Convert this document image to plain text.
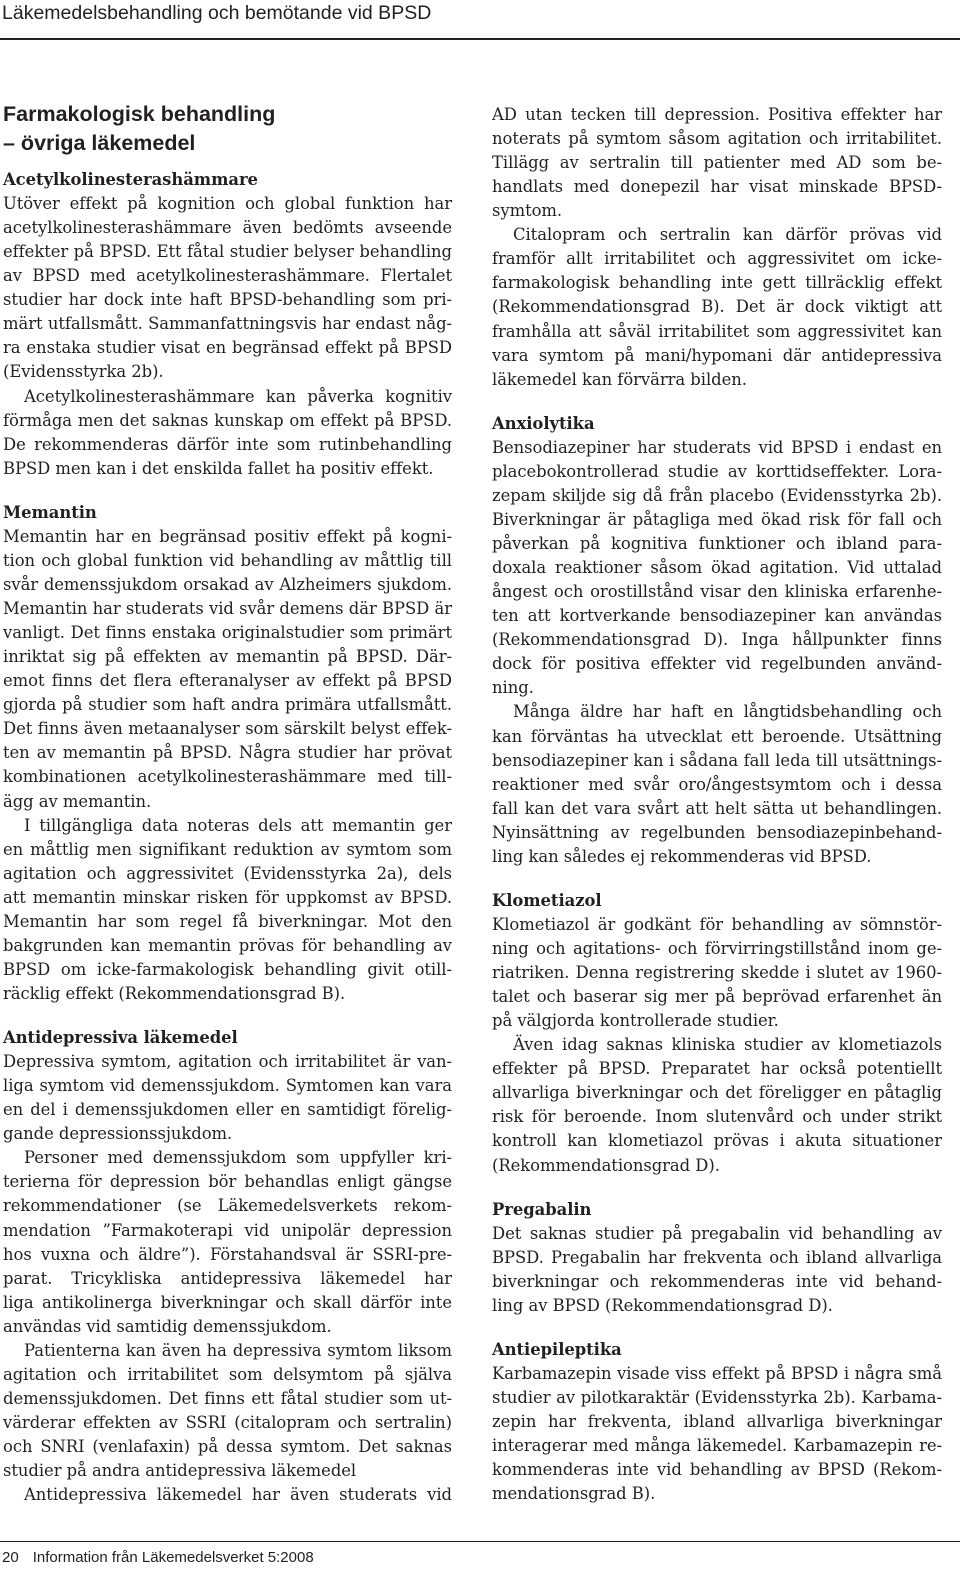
Läkemedelsbehandling och bemötande vid BPSD
Farmakologisk behandling
– övriga läkemedel
Acetylkolinesterashämmare
Utöver effekt på kognition och global funktion har
acetylkolinesterashämmare även bedömts avseende
effekter på BPSD. Ett fåtal studier belyser behandling
av BPSD med acetylkolinesterashämmare. Flertalet
studier har dock inte haft BPSD-behandling som pri-
märt utfallsmått. Sammanfattningsvis har endast någ-
ra enstaka studier visat en begränsad effekt på BPSD
(Evidensstyrka 2b).
Acetylkolinesterashämmare kan påverka kognitiv
förmåga men det saknas kunskap om effekt på BPSD.
De rekommenderas därför inte som rutinbehandling
BPSD men kan i det enskilda fallet ha positiv effekt.
Memantin
Memantin har en begränsad positiv effekt på kogni-
tion och global funktion vid behandling av måttlig till
svår demenssjukdom orsakad av Alzheimers sjukdom.
Memantin har studerats vid svår demens där BPSD är
vanligt. Det finns enstaka originalstudier som primärt
inriktat sig på effekten av memantin på BPSD. Där-
emot finns det flera efteranalyser av effekt på BPSD
gjorda på studier som haft andra primära utfallsmått.
Det finns även metaanalyser som särskilt belyst effek-
ten av memantin på BPSD. Några studier har prövat
kombinationen acetylkolinesterashämmare med till-
ägg av memantin.
I tillgängliga data noteras dels att memantin ger
en måttlig men signifikant reduktion av symtom som
agitation och aggressivitet (Evidensstyrka 2a), dels
att memantin minskar risken för uppkomst av BPSD.
Memantin har som regel få biverkningar. Mot den
bakgrunden kan memantin prövas för behandling av
BPSD om icke-farmakologisk behandling givit otill-
räcklig effekt (Rekommendationsgrad B).
Antidepressiva läkemedel
Depressiva symtom, agitation och irritabilitet är van-
liga symtom vid demenssjukdom. Symtomen kan vara
en del i demenssjukdomen eller en samtidigt förelig-
gande depressionssjukdom.
Personer med demenssjukdom som uppfyller kri-
terierna för depression bör behandlas enligt gängse
rekommendationer (se Läkemedelsverkets rekom-
mendation ”Farmakoterapi vid unipolär depression
hos vuxna och äldre”). Förstahandsval är SSRI-pre-
parat. Tricykliska antidepressiva läkemedel har
liga antikolinerga biverkningar och skall därför inte
användas vid samtidig demenssjukdom.
Patienterna kan även ha depressiva symtom liksom
agitation och irritabilitet som delsymtom på själva
demenssjukdomen. Det finns ett fåtal studier som ut-
värderar effekten av SSRI (citalopram och sertralin)
och SNRI (venlafaxin) på dessa symtom. Det saknas
studier på andra antidepressiva läkemedel
Antidepressiva läkemedel har även studerats vid
AD utan tecken till depression. Positiva effekter har
noterats på symtom såsom agitation och irritabilitet.
Tillägg av sertralin till patienter med AD som be-
handlats med donepezil har visat minskade BPSD-
symtom.
Citalopram och sertralin kan därför prövas vid
framför allt irritabilitet och aggressivitet om icke-
farmakologisk behandling inte gett tillräcklig effekt
(Rekommendationsgrad B). Det är dock viktigt att
framhålla att såväl irritabilitet som aggressivitet kan
vara symtom på mani/hypomani där antidepressiva
läkemedel kan förvärra bilden.
Anxiolytika
Bensodiazepiner har studerats vid BPSD i endast en
placebokontrollerad studie av korttidseffekter. Lora-
zepam skiljde sig då från placebo (Evidensstyrka 2b).
Biverkningar är påtagliga med ökad risk för fall och
påverkan på kognitiva funktioner och ibland para-
doxala reaktioner såsom ökad agitation. Vid uttalad
ångest och orostillstånd visar den kliniska erfarenhe-
ten att kortverkande bensodiazepiner kan användas
(Rekommendationsgrad D). Inga hållpunkter finns
dock för positiva effekter vid regelbunden använd-
ning.
Många äldre har haft en långtidsbehandling och
kan förväntas ha utvecklat ett beroende. Utsättning
bensodiazepiner kan i sådana fall leda till utsättnings-
reaktioner med svår oro/ångestsymtom och i dessa
fall kan det vara svårt att helt sätta ut behandlingen.
Nyinsättning av regelbunden bensodiazepinbehand-
ling kan således ej rekommenderas vid BPSD.
Klometiazol
Klometiazol är godkänt för behandling av sömnstör-
ning och agitations- och förvirringstillstånd inom ge-
riatriken. Denna registrering skedde i slutet av 1960-
talet och baserar sig mer på beprövad erfarenhet än
på välgjorda kontrollerade studier.
Även idag saknas kliniska studier av klometiazols
effekter på BPSD. Preparatet har också potentiellt
allvarliga biverkningar och det föreligger en påtaglig
risk för beroende. Inom slutenvård och under strikt
kontroll kan klometiazol prövas i akuta situationer
(Rekommendationsgrad D).
Pregabalin
Det saknas studier på pregabalin vid behandling av
BPSD. Pregabalin har frekventa och ibland allvarliga
biverkningar och rekommenderas inte vid behand-
ling av BPSD (Rekommendationsgrad D).
Antiepileptika
Karbamazepin visade viss effekt på BPSD i några små
studier av pilotkaraktär (Evidensstyrka 2b). Karbama-
zepin har frekventa, ibland allvarliga biverkningar
interagerar med många läkemedel. Karbamazepin re-
kommenderas inte vid behandling av BPSD (Rekom-
mendationsgrad B).
20 Information från Läkemedelsverket 5:2008
